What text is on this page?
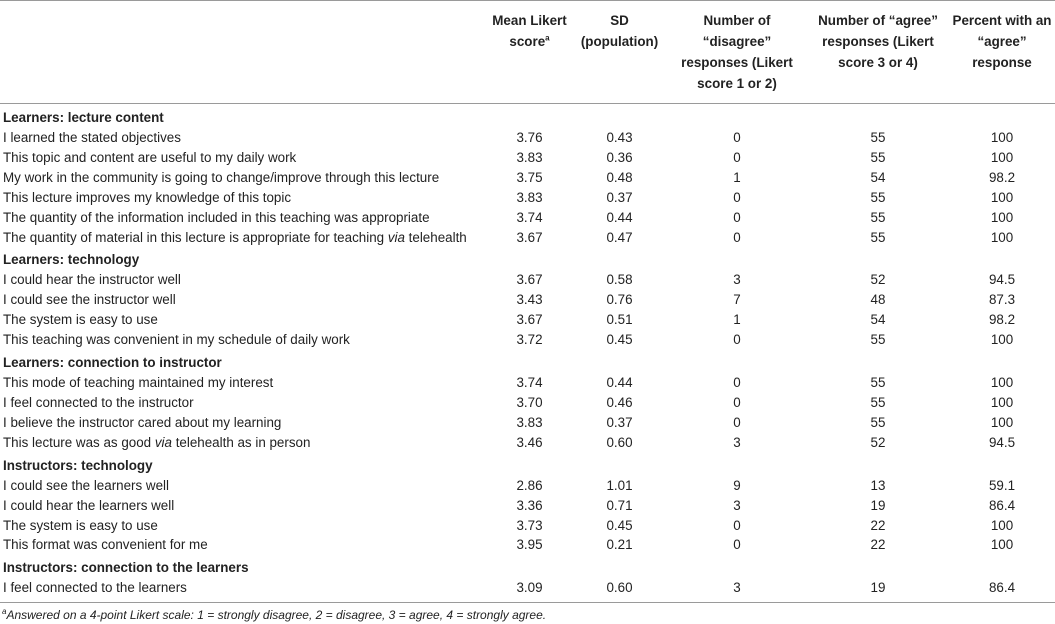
	Mean Likert score$^a$	SD (population)	Number of “disagree” responses (Likert score 1 or 2)	Number of “agree” responses (Likert score 3 or 4)	Percent with an “agree” response
Learners: lecture content					
I learned the stated objectives	3.76	0.43	0	55	100
This topic and content are useful to my daily work	3.83	0.36	0	55	100
My work in the community is going to change/improve through this lecture	3.75	0.48	1	54	98.2
This lecture improves my knowledge of this topic	3.83	0.37	0	55	100
The quantity of the information included in this teaching was appropriate	3.74	0.44	0	55	100
The quantity of material in this lecture is appropriate for teaching via telehealth	3.67	0.47	0	55	100
Learners: technology					
I could hear the instructor well	3.67	0.58	3	52	94.5
I could see the instructor well	3.43	0.76	7	48	87.3
The system is easy to use	3.67	0.51	1	54	98.2
This teaching was convenient in my schedule of daily work	3.72	0.45	0	55	100
Learners: connection to instructor					
This mode of teaching maintained my interest	3.74	0.44	0	55	100
I feel connected to the instructor	3.70	0.46	0	55	100
I believe the instructor cared about my learning	3.83	0.37	0	55	100
This lecture was as good via telehealth as in person	3.46	0.60	3	52	94.5
Instructors: technology					
I could see the learners well	2.86	1.01	9	13	59.1
I could hear the learners well	3.36	0.71	3	19	86.4
The system is easy to use	3.73	0.45	0	22	100
This format was convenient for me	3.95	0.21	0	22	100
Instructors: connection to the learners					
I feel connected to the learners	3.09	0.60	3	19	86.4
$^a$Answered on a 4-point Likert scale: 1 = strongly disagree, 2 = disagree, 3 = agree, 4 = strongly agree.
